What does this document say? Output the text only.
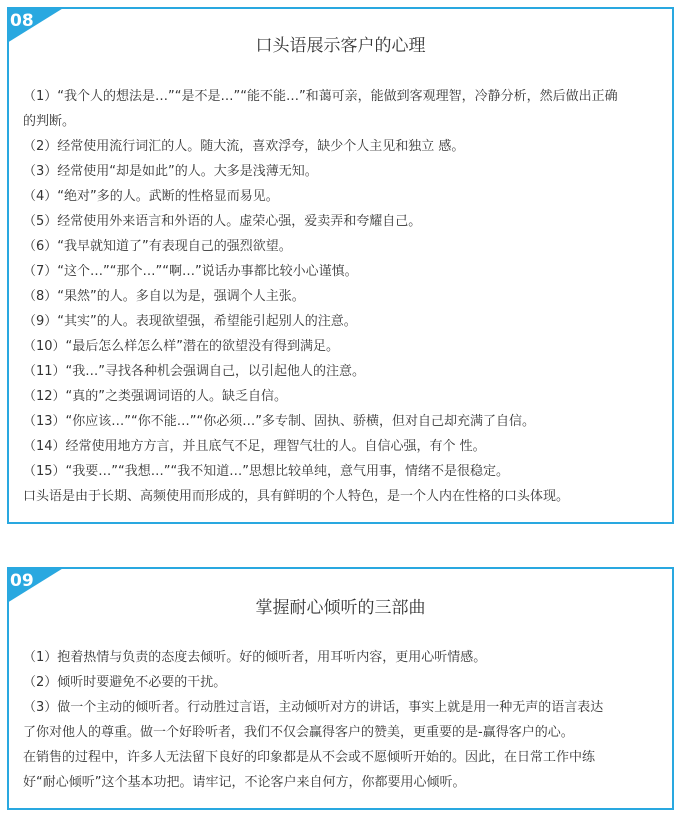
08
口头语展示客户的心理
（1）“我个人的想法是…”“是不是…”“能不能…”和蔼可亲，能做到客观理智，冷静分析，然后做出正确
的判断。
（2）经常使用流行词汇的人。随大流，喜欢浮夸，缺少个人主见和独立 感。
（3）经常使用“却是如此”的人。大多是浅薄无知。
（4）“绝对”多的人。武断的性格显而易见。
（5）经常使用外来语言和外语的人。虚荣心强，爱卖弄和夸耀自己。
（6）“我早就知道了”有表现自己的强烈欲望。
（7）“这个…”“那个…”“啊…”说话办事都比较小心谨慎。
（8）“果然”的人。多自以为是，强调个人主张。
（9）“其实”的人。表现欲望强，希望能引起别人的注意。
（10）“最后怎么样怎么样”潜在的欲望没有得到满足。
（11）“我…”寻找各种机会强调自己，以引起他人的注意。
（12）“真的”之类强调词语的人。缺乏自信。
（13）“你应该…”“你不能…”“你必须…”多专制、固执、骄横，但对自己却充满了自信。
（14）经常使用地方方言，并且底气不足，理智气壮的人。自信心强，有个 性。
（15）“我要…”“我想…”“我不知道…”思想比较单纯，意气用事，情绪不是很稳定。
口头语是由于长期、高频使用而形成的，具有鲜明的个人特色，是一个人内在性格的口头体现。
09
掌握耐心倾听的三部曲
（1）抱着热情与负责的态度去倾听。好的倾听者，用耳听内容，更用心听情感。
（2）倾听时要避免不必要的干扰。
（3）做一个主动的倾听者。行动胜过言语，主动倾听对方的讲话，事实上就是用一种无声的语言表达
了你对他人的尊重。做一个好聆听者，我们不仅会赢得客户的赞美，更重要的是-赢得客户的心。
在销售的过程中，许多人无法留下良好的印象都是从不会或不愿倾听开始的。因此，在日常工作中练
好“耐心倾听”这个基本功把。请牢记，不论客户来自何方，你都要用心倾听。
